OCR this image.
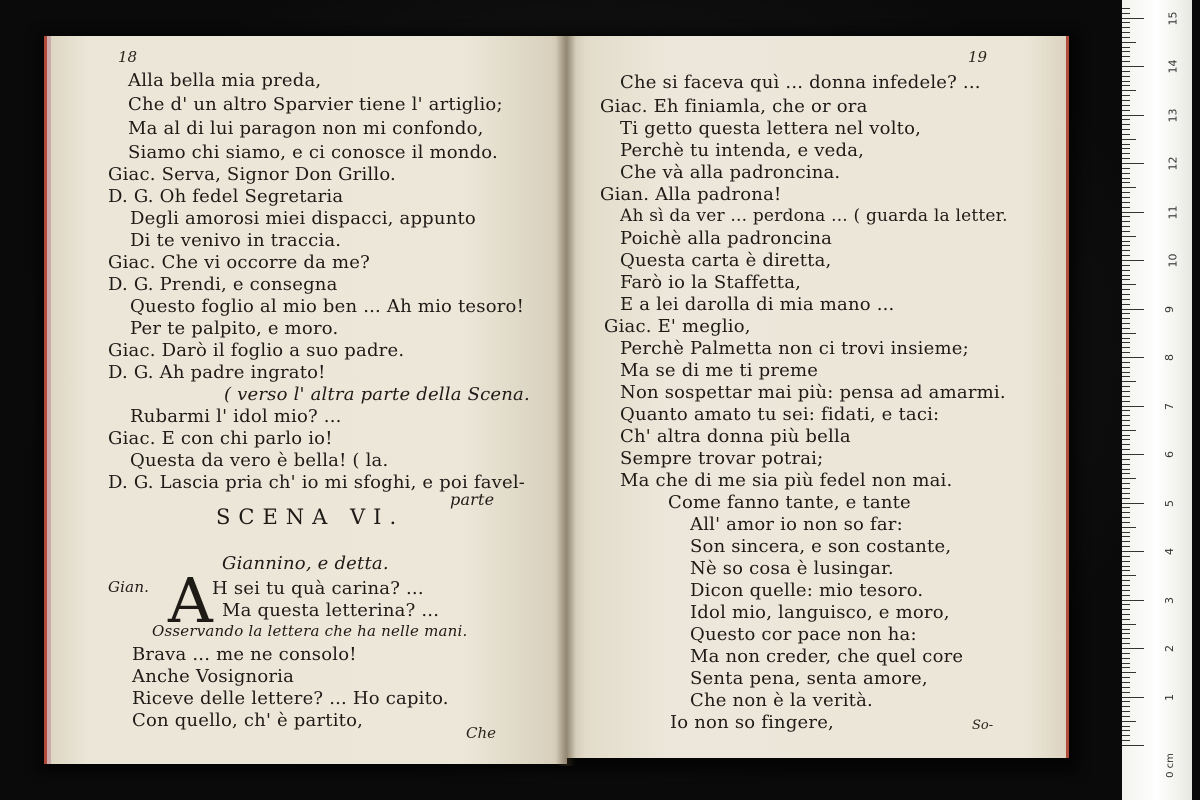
18
Alla bella mia preda,
Che d' un altro Sparvier tiene l' artiglio;
Ma al di lui paragon non mi confondo,
Siamo chi siamo, e ci conosce il mondo.
Giac. Serva, Signor Don Grillo.
D. G. Oh fedel Segretaria
Degli amorosi miei dispacci, appunto
Di te venivo in traccia.
Giac. Che vi occorre da me?
D. G. Prendi, e consegna
Questo foglio al mio ben ... Ah mio tesoro!
Per te palpito, e moro.
Giac. Darò il foglio a suo padre.
D. G. Ah padre ingrato!
( verso l' altra parte della Scena.
Rubarmi l' idol mio? ...
Giac. E con chi parlo io!
Questa da vero è bella! ( la.
D. G. Lascia pria ch' io mi sfoghi, e poi favel-
parte
SCENA VI.
Giannino, e detta.
Gian.	H sei tu quà carina? ...
Ma questa letterina? ...
Osservando la lettera che ha nelle mani.
Brava ... me ne consolo!
Anche Vosignoria
Riceve delle lettere? ... Ho capito.
Con quello, ch' è partito,
A
Che
19
Che si faceva quì ... donna infedele? ...
Giac. Eh finiamla, che or ora
Ti getto questa lettera nel volto,
Perchè tu intenda, e veda,
Che và alla padroncina.
Gian. Alla padrona!
Ah sì da ver ... perdona ... ( guarda la letter.
Poichè alla padroncina
Questa carta è diretta,
Farò io la Staffetta,
E a lei darolla di mia mano ...
Giac. E' meglio,
Perchè Palmetta non ci trovi insieme;
Ma se di me ti preme
Non sospettar mai più: pensa ad amarmi.
Quanto amato tu sei: fidati, e taci:
Ch' altra donna più bella
Sempre trovar potrai;
Ma che di me sia più fedel non mai.
Come fanno tante, e tante
All' amor io non so far:
Son sincera, e son costante,
Nè so cosa è lusingar.
Dicon quelle: mio tesoro.
Idol mio, languisco, e moro,
Questo cor pace non ha:
Ma non creder, che quel core
Senta pena, senta amore,
Che non è la verità.
Io non so fingere,	So-
1
2
3
4
5
6
7
8
9
10
11
12
13
14
15
0 cm
